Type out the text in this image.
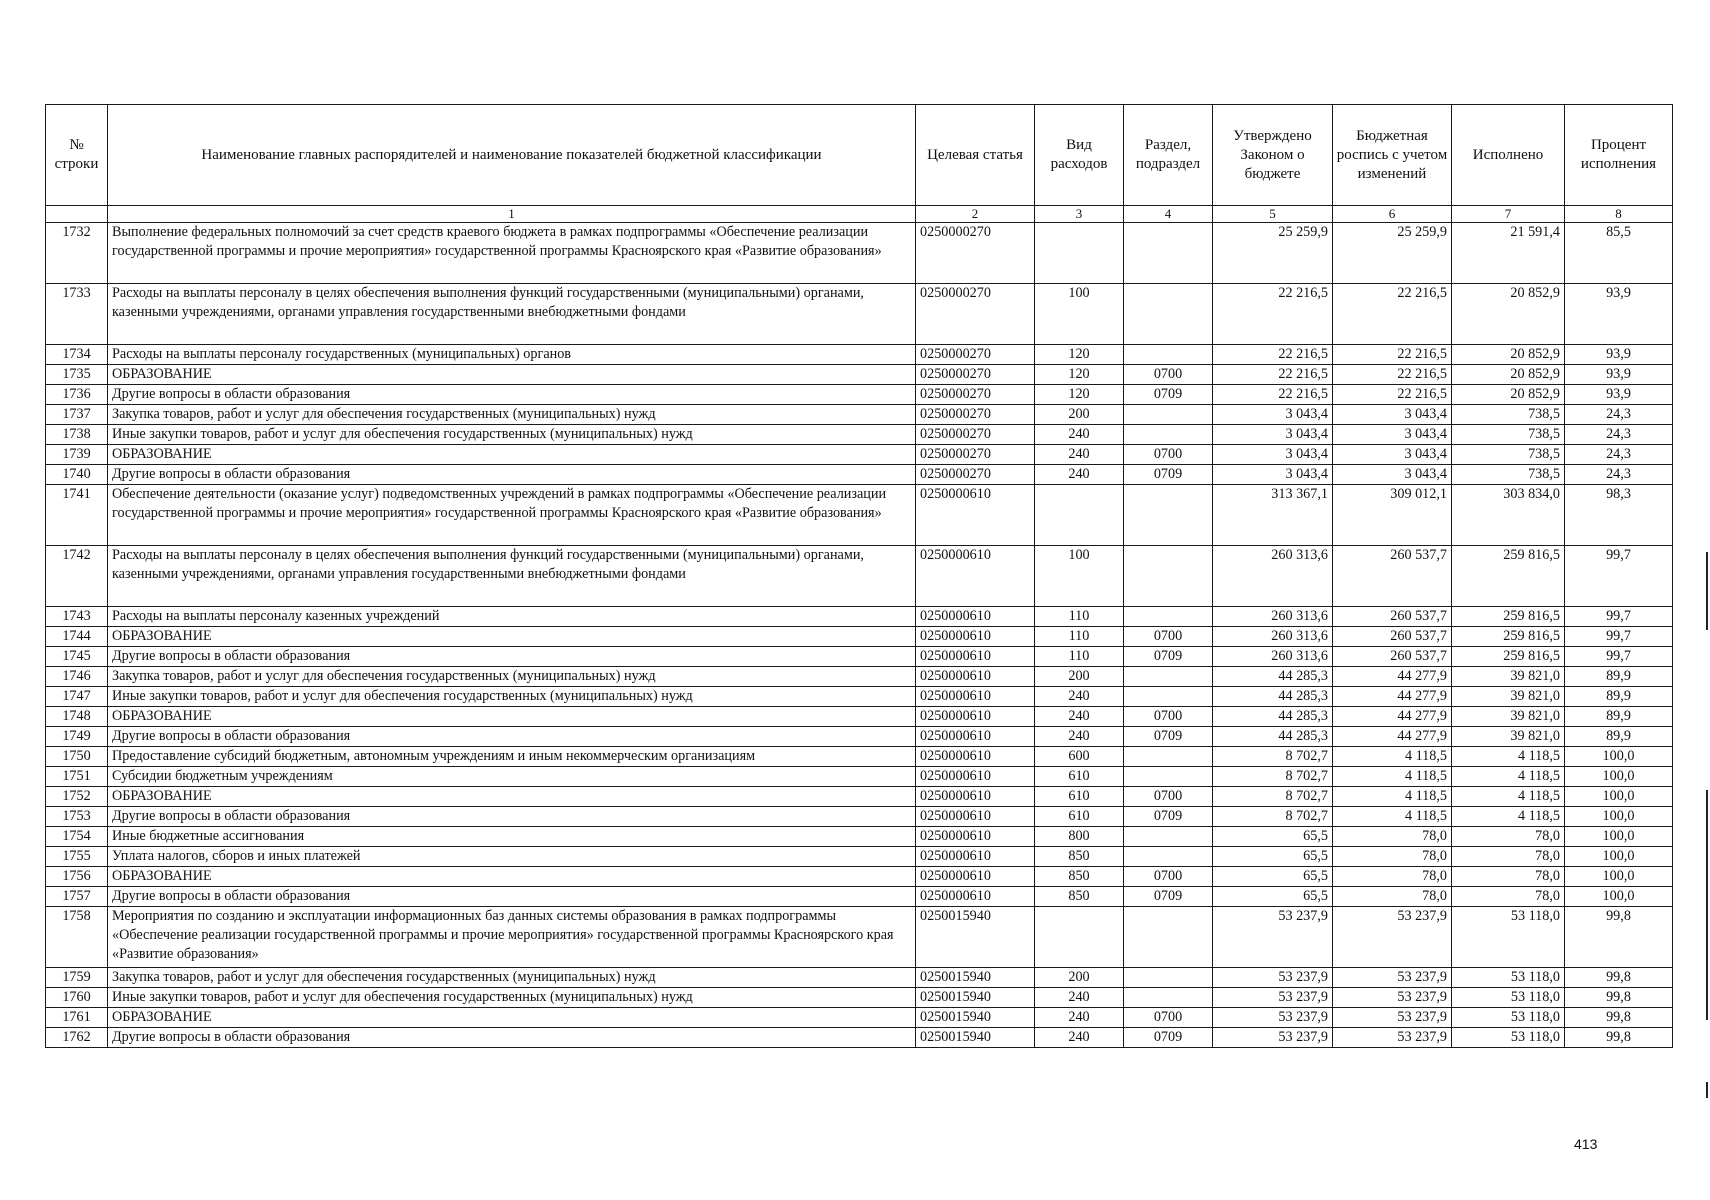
№ строки	Наименование главных распорядителей и наименование показателей бюджетной классификации	Целевая статья	Вид расходов	Раздел, подраздел	Утверждено Законом о бюджете	Бюджетная роспись с учетом изменений	Исполнено	Процент исполнения
	1	2	3	4	5	6	7	8
1732	Выполнение федеральных полномочий за счет средств краевого бюджета в рамках подпрограммы «Обеспечение реализации государственной программы и прочие мероприятия» государственной программы Красноярского края «Развитие образования»	0250000270			25 259,9	25 259,9	21 591,4	85,5
1733	Расходы на выплаты персоналу в целях обеспечения выполнения функций государственными (муниципальными) органами, казенными учреждениями, органами управления государственными внебюджетными фондами	0250000270	100		22 216,5	22 216,5	20 852,9	93,9
1734	Расходы на выплаты персоналу государственных (муниципальных) органов	0250000270	120		22 216,5	22 216,5	20 852,9	93,9
1735	ОБРАЗОВАНИЕ	0250000270	120	0700	22 216,5	22 216,5	20 852,9	93,9
1736	Другие вопросы в области образования	0250000270	120	0709	22 216,5	22 216,5	20 852,9	93,9
1737	Закупка товаров, работ и услуг для обеспечения государственных (муниципальных) нужд	0250000270	200		3 043,4	3 043,4	738,5	24,3
1738	Иные закупки товаров, работ и услуг для обеспечения государственных (муниципальных) нужд	0250000270	240		3 043,4	3 043,4	738,5	24,3
1739	ОБРАЗОВАНИЕ	0250000270	240	0700	3 043,4	3 043,4	738,5	24,3
1740	Другие вопросы в области образования	0250000270	240	0709	3 043,4	3 043,4	738,5	24,3
1741	Обеспечение деятельности (оказание услуг) подведомственных учреждений в рамках подпрограммы «Обеспечение реализации государственной программы и прочие мероприятия» государственной программы Красноярского края «Развитие образования»	0250000610			313 367,1	309 012,1	303 834,0	98,3
1742	Расходы на выплаты персоналу в целях обеспечения выполнения функций государственными (муниципальными) органами, казенными учреждениями, органами управления государственными внебюджетными фондами	0250000610	100		260 313,6	260 537,7	259 816,5	99,7
1743	Расходы на выплаты персоналу казенных учреждений	0250000610	110		260 313,6	260 537,7	259 816,5	99,7
1744	ОБРАЗОВАНИЕ	0250000610	110	0700	260 313,6	260 537,7	259 816,5	99,7
1745	Другие вопросы в области образования	0250000610	110	0709	260 313,6	260 537,7	259 816,5	99,7
1746	Закупка товаров, работ и услуг для обеспечения государственных (муниципальных) нужд	0250000610	200		44 285,3	44 277,9	39 821,0	89,9
1747	Иные закупки товаров, работ и услуг для обеспечения государственных (муниципальных) нужд	0250000610	240		44 285,3	44 277,9	39 821,0	89,9
1748	ОБРАЗОВАНИЕ	0250000610	240	0700	44 285,3	44 277,9	39 821,0	89,9
1749	Другие вопросы в области образования	0250000610	240	0709	44 285,3	44 277,9	39 821,0	89,9
1750	Предоставление субсидий бюджетным, автономным учреждениям и иным некоммерческим организациям	0250000610	600		8 702,7	4 118,5	4 118,5	100,0
1751	Субсидии бюджетным учреждениям	0250000610	610		8 702,7	4 118,5	4 118,5	100,0
1752	ОБРАЗОВАНИЕ	0250000610	610	0700	8 702,7	4 118,5	4 118,5	100,0
1753	Другие вопросы в области образования	0250000610	610	0709	8 702,7	4 118,5	4 118,5	100,0
1754	Иные бюджетные ассигнования	0250000610	800		65,5	78,0	78,0	100,0
1755	Уплата налогов, сборов и иных платежей	0250000610	850		65,5	78,0	78,0	100,0
1756	ОБРАЗОВАНИЕ	0250000610	850	0700	65,5	78,0	78,0	100,0
1757	Другие вопросы в области образования	0250000610	850	0709	65,5	78,0	78,0	100,0
1758	Мероприятия по созданию и эксплуатации информационных баз данных системы образования в рамках подпрограммы «Обеспечение реализации государственной программы и прочие мероприятия» государственной программы Красноярского края «Развитие образования»	0250015940			53 237,9	53 237,9	53 118,0	99,8
1759	Закупка товаров, работ и услуг для обеспечения государственных (муниципальных) нужд	0250015940	200		53 237,9	53 237,9	53 118,0	99,8
1760	Иные закупки товаров, работ и услуг для обеспечения государственных (муниципальных) нужд	0250015940	240		53 237,9	53 237,9	53 118,0	99,8
1761	ОБРАЗОВАНИЕ	0250015940	240	0700	53 237,9	53 237,9	53 118,0	99,8
1762	Другие вопросы в области образования	0250015940	240	0709	53 237,9	53 237,9	53 118,0	99,8
413
